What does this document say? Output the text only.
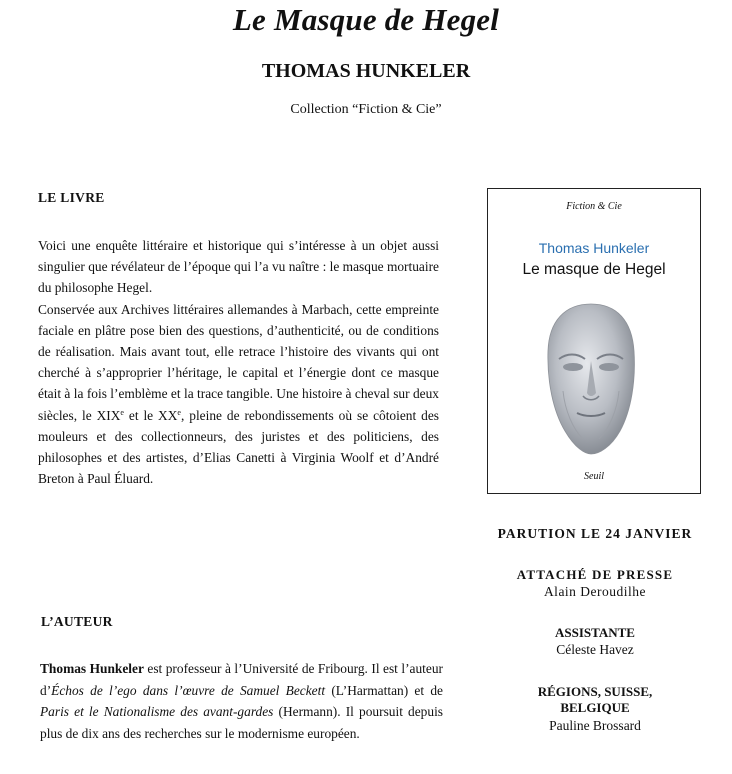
Le Masque de Hegel
THOMAS HUNKELER
Collection “Fiction & Cie”
LE LIVRE

Voici une enquête littéraire et historique qui s’intéresse à un objet aussi singulier que révélateur de l’époque qui l’a vu naître : le masque mortuaire du philosophe Hegel.

Conservée aux Archives littéraires allemandes à Marbach, cette empreinte faciale en plâtre pose bien des questions, d’authenticité, ou de conditions de réalisation. Mais avant tout, elle retrace l’histoire des vivants qui ont cherché à s’approprier l’héritage, le capital et l’énergie dont ce masque était à la fois l’emblème et la trace tangible. Une histoire à cheval sur deux siècles, le XIXe et le XXe, pleine de rebondissements où se côtoient des mouleurs et des collectionneurs, des juristes et des politiciens, des philosophes et des artistes, d’Elias Canetti à Virginia Woolf et d’André Breton à Paul Éluard.

L’AUTEUR
Thomas Hunkeler est professeur à l’Université de Fribourg. Il est l’auteur d’Échos de l’ego dans l’œuvre de Samuel Beckett (L’Harmattan) et de Paris et le Nationalisme des avant-gardes (Hermann). Il poursuit depuis plus de dix ans des recherches sur le modernisme européen.
Fiction & Cie
Thomas Hunkeler
Le masque de Hegel
Seuil
PARUTION LE 24 JANVIER
ATTACHÉ DE PRESSE
Alain Deroudilhe
ASSISTANTE
Céleste Havez
RÉGIONS, SUISSE,
BELGIQUE
Pauline Brossard
